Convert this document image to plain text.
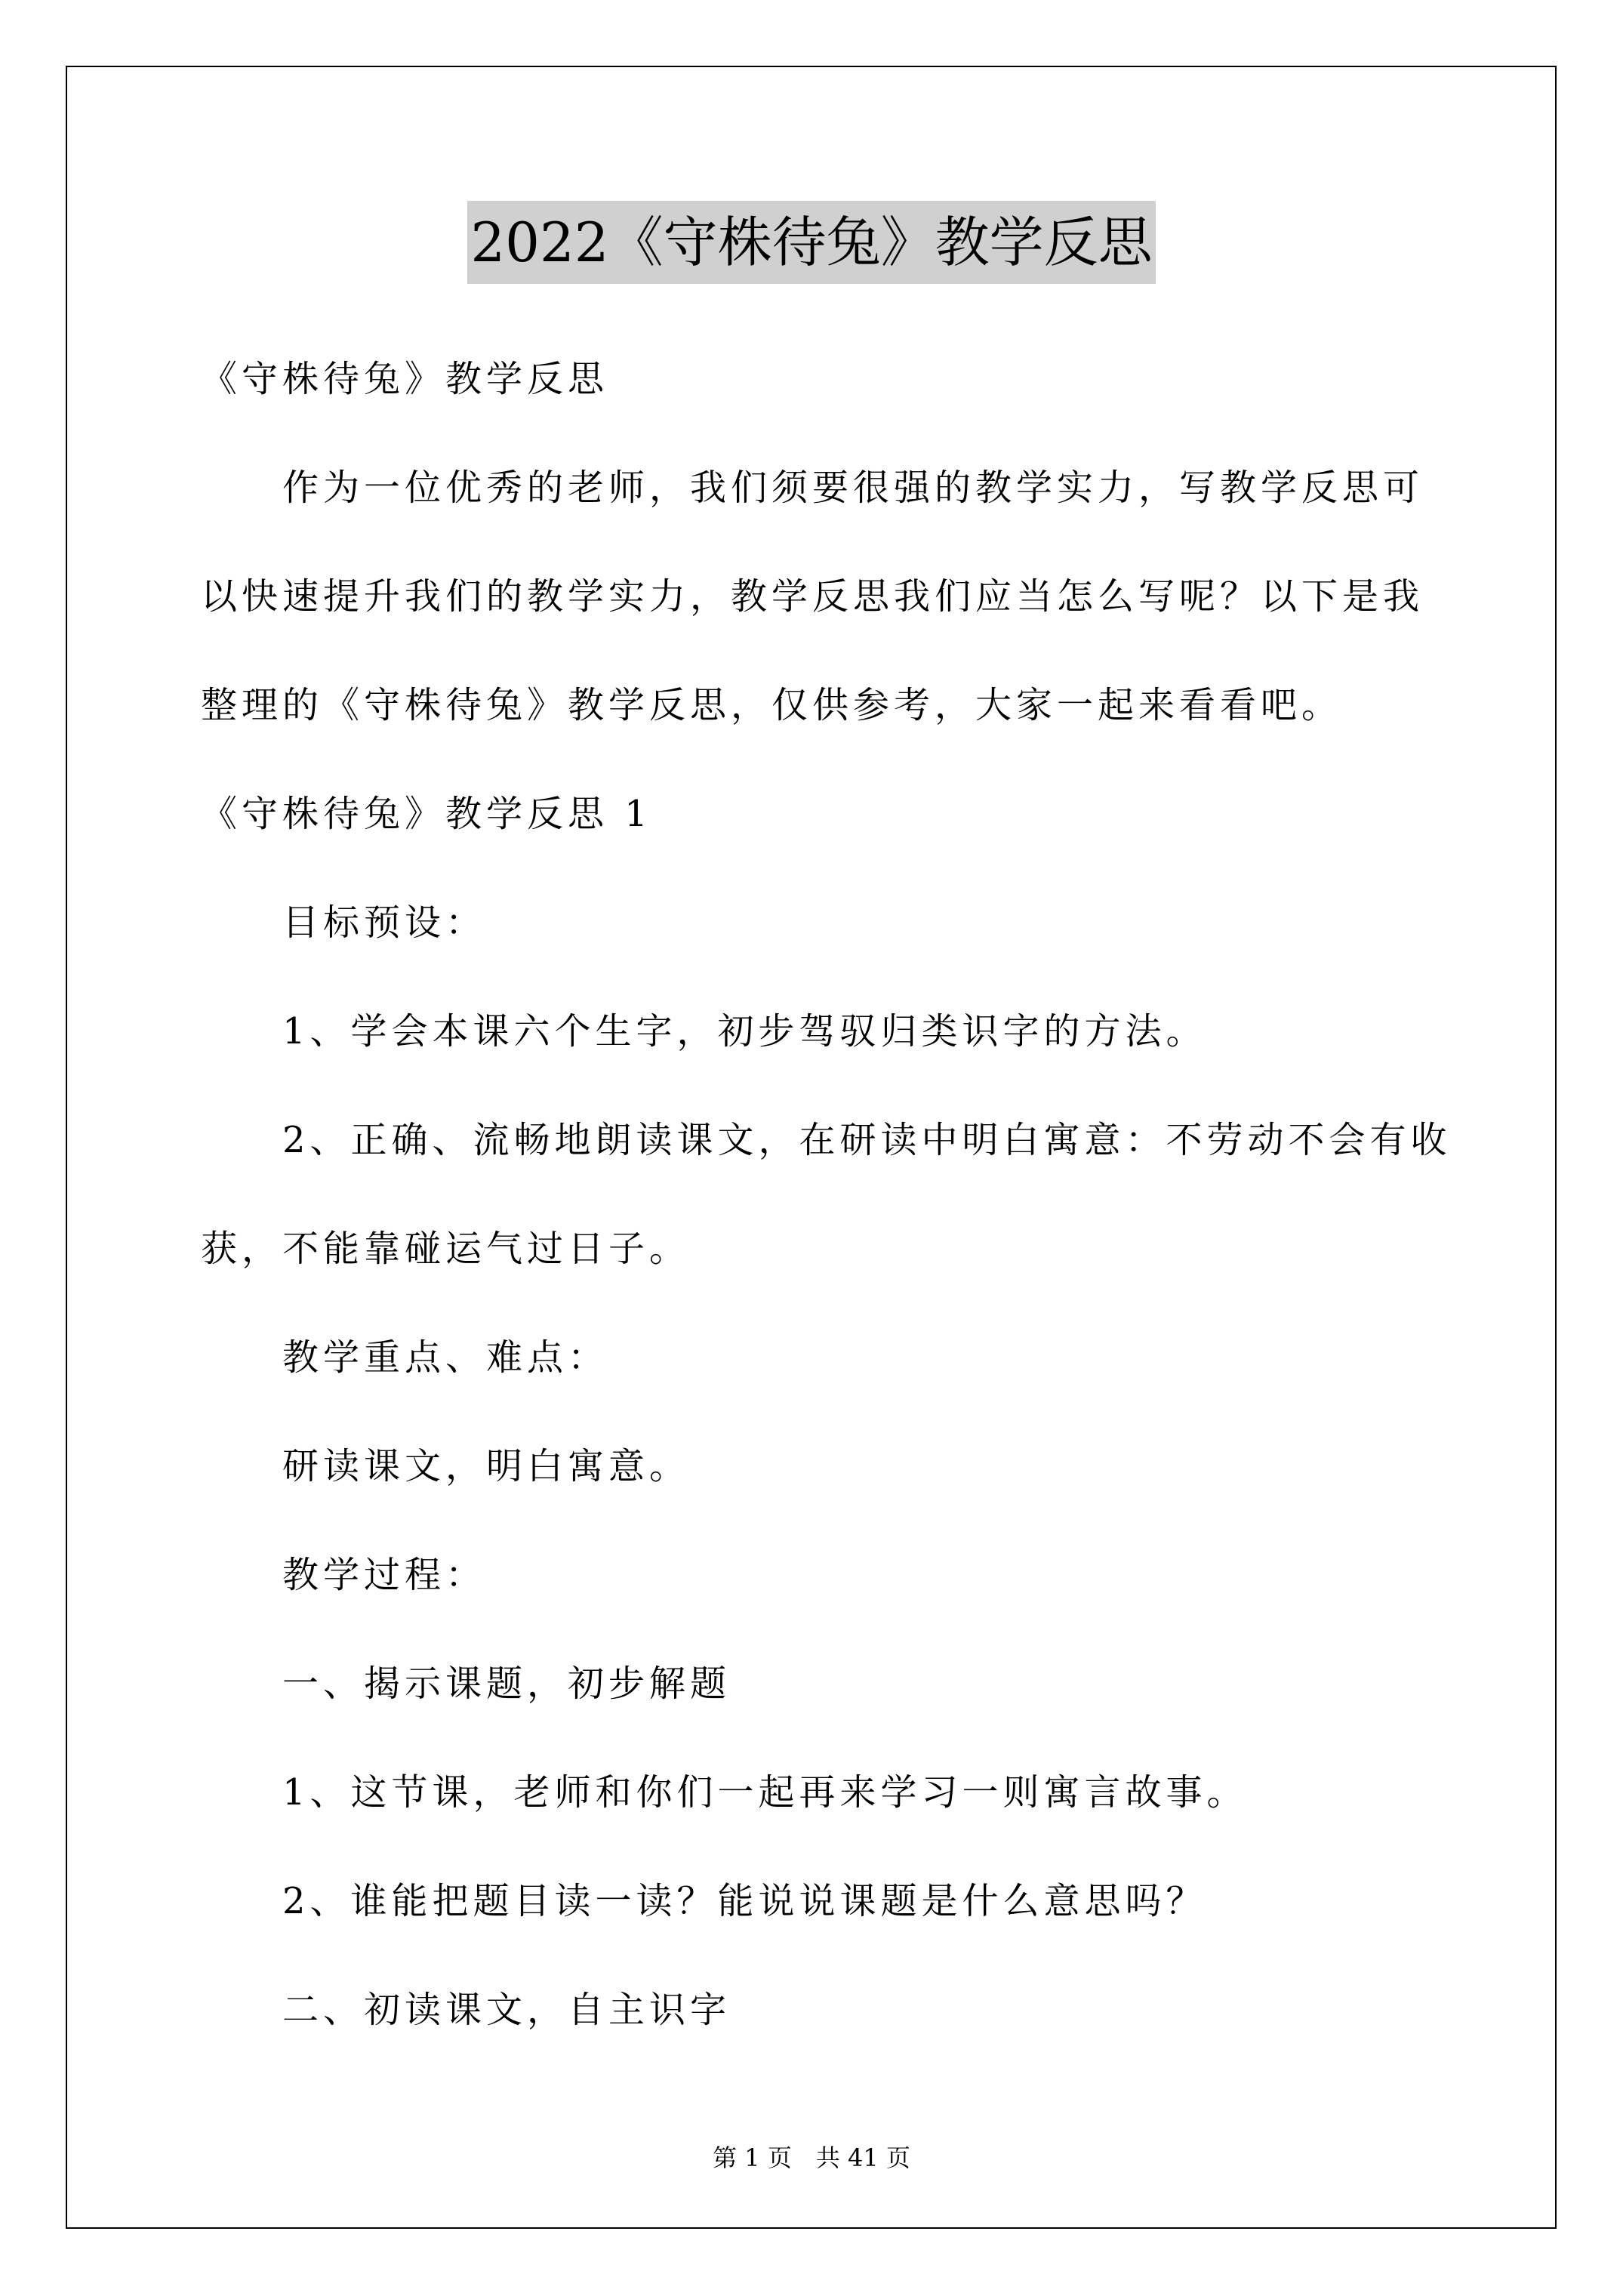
2022《守株待兔》教学反思
《守株待兔》教学反思
作为一位优秀的老师，我们须要很强的教学实力，写教学反思可
以快速提升我们的教学实力，教学反思我们应当怎么写呢？以下是我
整理的《守株待兔》教学反思，仅供参考，大家一起来看看吧。
《守株待兔》教学反思 1
目标预设：
1、学会本课六个生字，初步驾驭归类识字的方法。
2、正确、流畅地朗读课文，在研读中明白寓意：不劳动不会有收
获，不能靠碰运气过日子。
教学重点、难点：
研读课文，明白寓意。
教学过程：
一、揭示课题，初步解题
1、这节课，老师和你们一起再来学习一则寓言故事。
2、谁能把题目读一读？能说说课题是什么意思吗？
二、初读课文，自主识字
第 1 页　共 41 页
